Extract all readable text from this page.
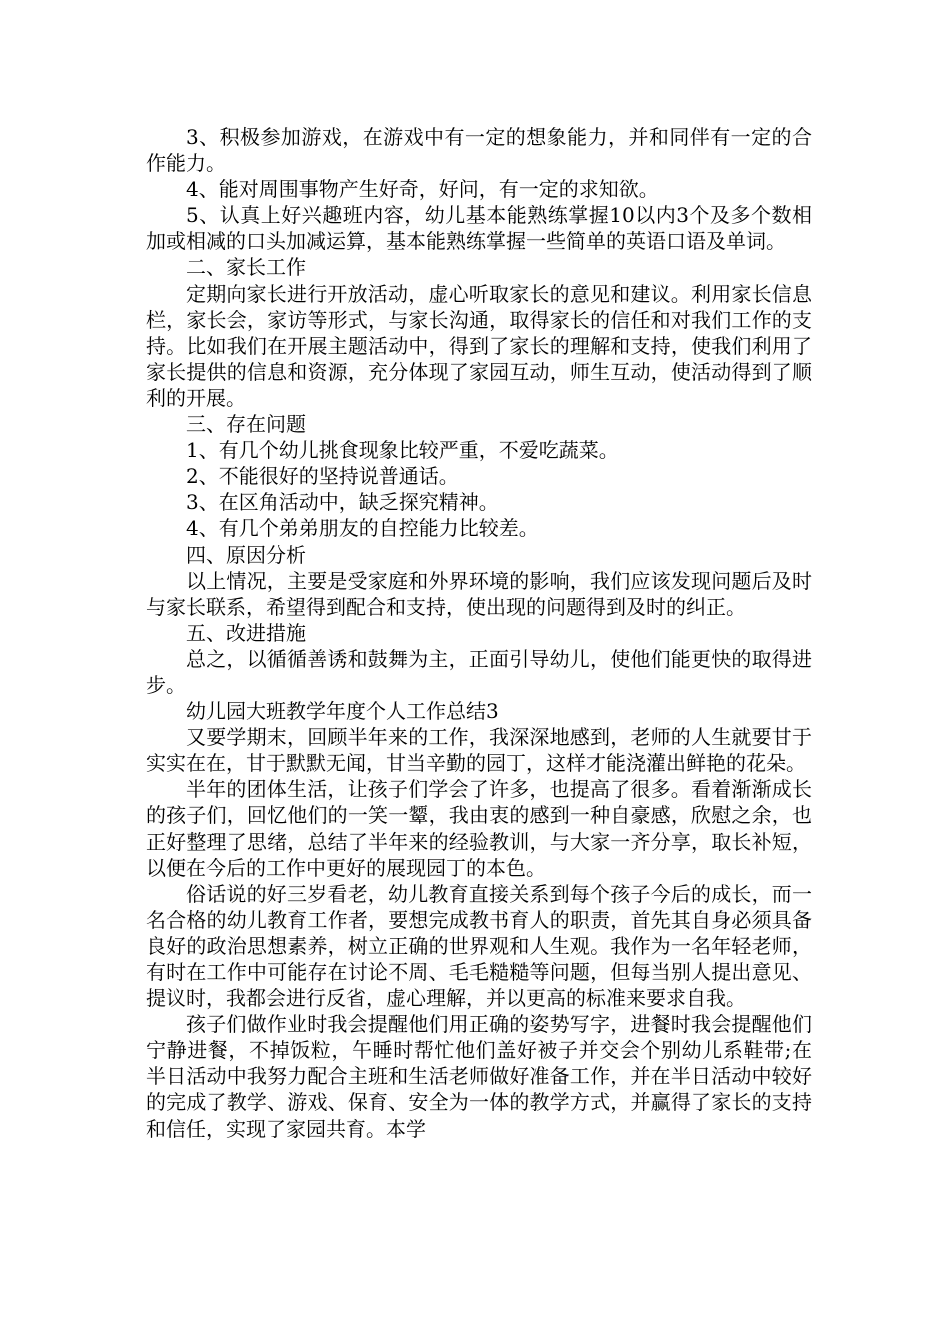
3、积极参加游戏，在游戏中有一定的想象能力，并和同伴有一定的合作能力。

4、能对周围事物产生好奇，好问，有一定的求知欲。

5、认真上好兴趣班内容，幼儿基本能熟练掌握10以内3个及多个数相加或相减的口头加减运算，基本能熟练掌握一些简单的英语口语及单词。

二、家长工作

定期向家长进行开放活动，虚心听取家长的意见和建议。利用家长信息栏，家长会，家访等形式，与家长沟通，取得家长的信任和对我们工作的支持。比如我们在开展主题活动中，得到了家长的理解和支持，使我们利用了家长提供的信息和资源，充分体现了家园互动，师生互动，使活动得到了顺利的开展。

三、存在问题

1、有几个幼儿挑食现象比较严重，不爱吃蔬菜。

2、不能很好的坚持说普通话。

3、在区角活动中，缺乏探究精神。

4、有几个弟弟朋友的自控能力比较差。

四、原因分析

以上情况，主要是受家庭和外界环境的影响，我们应该发现问题后及时与家长联系，希望得到配合和支持，使出现的问题得到及时的纠正。

五、改进措施

总之，以循循善诱和鼓舞为主，正面引导幼儿，使他们能更快的取得进步。

幼儿园大班教学年度个人工作总结3

又要学期末，回顾半年来的工作，我深深地感到，老师的人生就要甘于实实在在，甘于默默无闻，甘当辛勤的园丁，这样才能浇灌出鲜艳的花朵。

半年的团体生活，让孩子们学会了许多，也提高了很多。看着渐渐成长的孩子们，回忆他们的一笑一颦，我由衷的感到一种自豪感，欣慰之余，也正好整理了思绪，总结了半年来的经验教训，与大家一齐分享，取长补短，以便在今后的工作中更好的展现园丁的本色。

俗话说的好三岁看老，幼儿教育直接关系到每个孩子今后的成长，而一名合格的幼儿教育工作者，要想完成教书育人的职责，首先其自身必须具备良好的政治思想素养，树立正确的世界观和人生观。我作为一名年轻老师，有时在工作中可能存在讨论不周、毛毛糙糙等问题，但每当别人提出意见、提议时，我都会进行反省，虚心理解，并以更高的标准来要求自我。

孩子们做作业时我会提醒他们用正确的姿势写字，进餐时我会提醒他们宁静进餐，不掉饭粒，午睡时帮忙他们盖好被子并交会个别幼儿系鞋带;在半日活动中我努力配合主班和生活老师做好准备工作，并在半日活动中较好的完成了教学、游戏、保育、安全为一体的教学方式，并赢得了家长的支持和信任，实现了家园共育。本学
